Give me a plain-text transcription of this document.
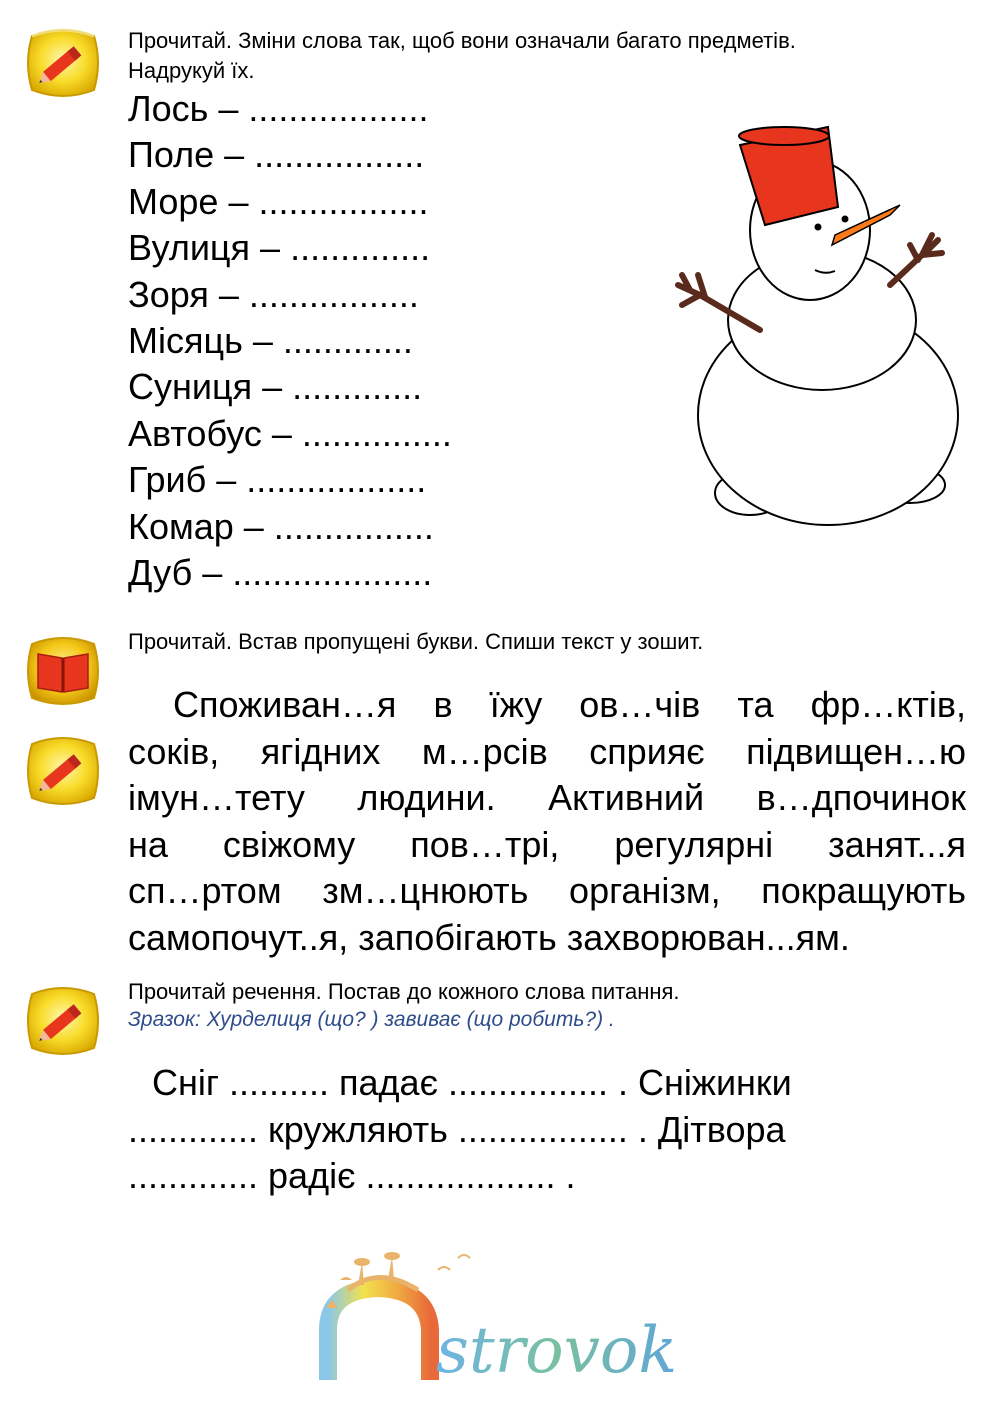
Прочитай. Зміни слова так, щоб вони означали багато предметів.
Надрукуй їх.
Лось – ..................
Поле – .................
Море – .................
Вулиця – ..............
Зоря – .................
Місяць – .............
Суниця – .............
Автобус – ...............
Гриб – ..................
Комар – ................
Дуб – ....................
Прочитай. Встав пропущені букви. Спиши текст у зошит.
Споживан…я в їжу ов…чів та фр…ктів,
соків, ягідних м…рсів сприяє підвищен…ю
імун…тету людини. Активний в…дпочинок
на свіжому пов…трі, регулярні занят...я
сп…ртом зм…цнюють організм, покращують
самопочут..я, запобігають захворюван...ям.
Прочитай речення. Постав до кожного слова питання.
Зразок: Хурделиця (що? ) завиває (що робить?) .
Сніг .......... падає ................ . Сніжинки
............. кружляють ................. . Дітвора
............. радіє ................... .
strovok
